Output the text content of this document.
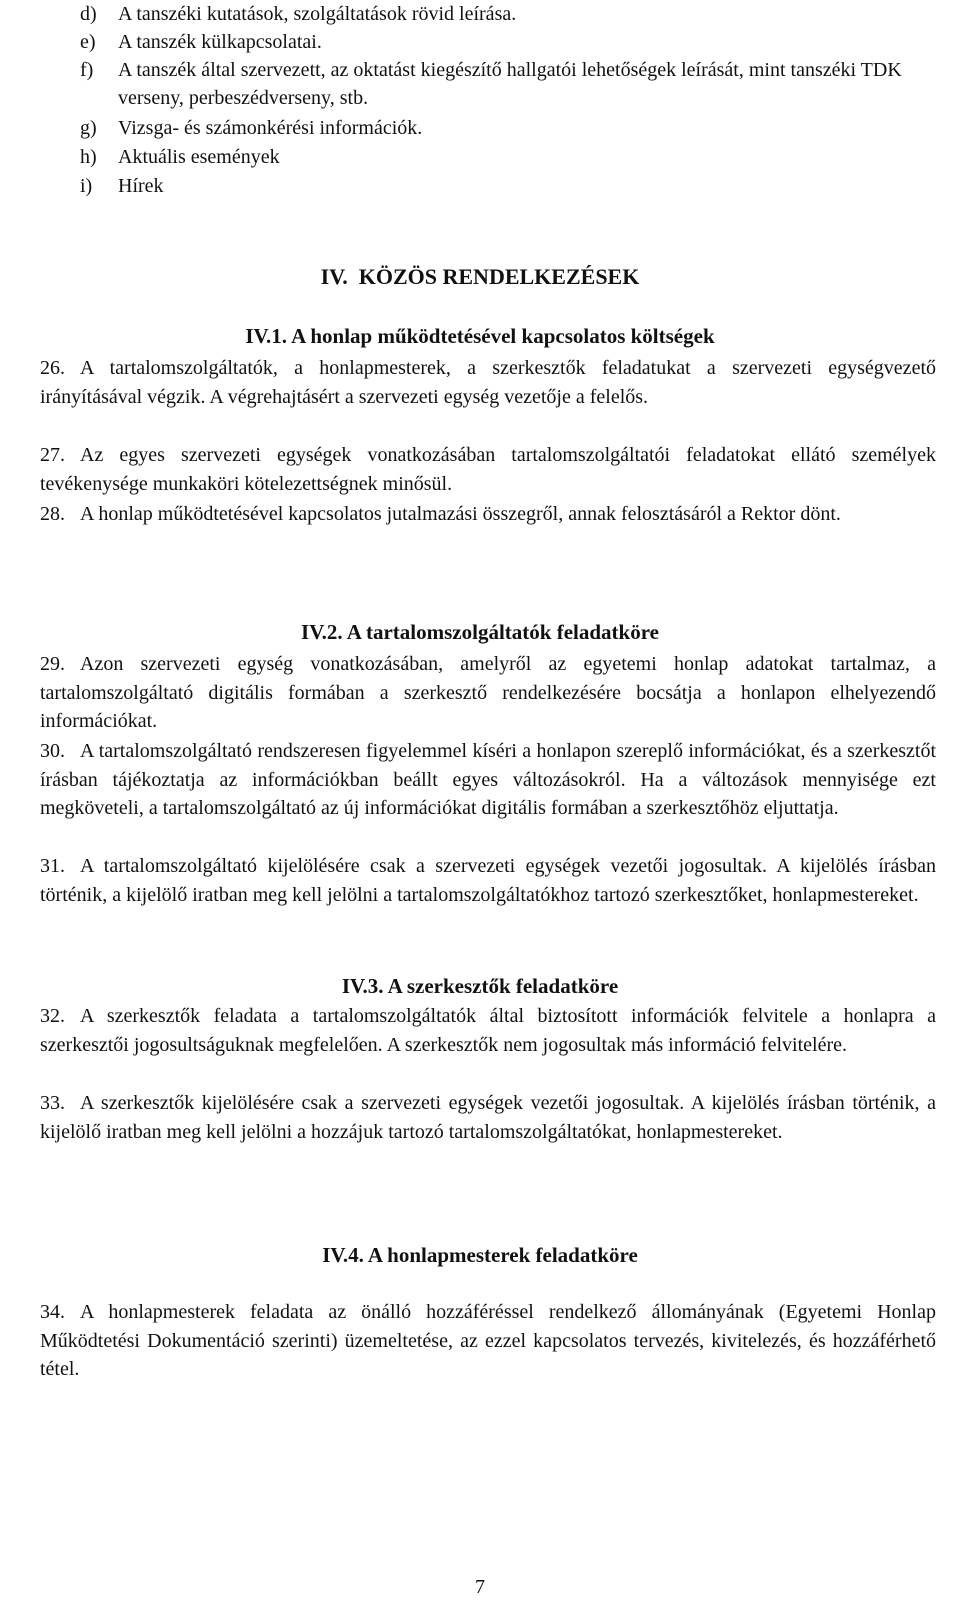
d)	A tanszéki kutatások, szolgáltatások rövid leírása.
e)	A tanszék külkapcsolatai.
f)	A tanszék által szervezett, az oktatást kiegészítő hallgatói lehetőségek leírását, mint tanszéki TDK verseny, perbeszédverseny, stb.
g)	Vizsga- és számonkérési információk.
h)	Aktuális események
i)	Hírek
IV.  KÖZÖS RENDELKEZÉSEK
IV.1. A honlap működtetésével kapcsolatos költségek
26. A tartalomszolgáltatók, a honlapmesterek, a szerkesztők feladatukat a szervezeti egységvezető irányításával végzik. A végrehajtásért a szervezeti egység vezetője a felelős.
27. Az egyes szervezeti egységek vonatkozásában tartalomszolgáltatói feladatokat ellátó személyek tevékenysége munkaköri kötelezettségnek minősül.
28. A honlap működtetésével kapcsolatos jutalmazási összegről, annak felosztásáról a Rektor dönt.
IV.2. A tartalomszolgáltatók feladatköre
29. Azon szervezeti egység vonatkozásában, amelyről az egyetemi honlap adatokat tartalmaz, a tartalomszolgáltató digitális formában a szerkesztő rendelkezésére bocsátja a honlapon elhelyezendő információkat.
30. A tartalomszolgáltató rendszeresen figyelemmel kíséri a honlapon szereplő információkat, és a szerkesztőt írásban tájékoztatja az információkban beállt egyes változásokról. Ha a változások mennyisége ezt megköveteli, a tartalomszolgáltató az új információkat digitális formában a szerkesztőhöz eljuttatja.
31. A tartalomszolgáltató kijelölésére csak a szervezeti egységek vezetői jogosultak. A kijelölés írásban történik, a kijelölő iratban meg kell jelölni a tartalomszolgáltatókhoz tartozó szerkesztőket, honlapmestereket.
IV.3. A szerkesztők feladatköre
32. A szerkesztők feladata a tartalomszolgáltatók által biztosított információk felvitele a honlapra a szerkesztői jogosultságuknak megfelelően. A szerkesztők nem jogosultak más információ felvitelére.
33. A szerkesztők kijelölésére csak a szervezeti egységek vezetői jogosultak. A kijelölés írásban történik, a kijelölő iratban meg kell jelölni a hozzájuk tartozó tartalomszolgáltatókat, honlapmestereket.
IV.4. A honlapmesterek feladatköre
34. A honlapmesterek feladata az önálló hozzáféréssel rendelkező állományának (Egyetemi Honlap Működtetési Dokumentáció szerinti) üzemeltetése, az ezzel kapcsolatos tervezés, kivitelezés, és hozzáférhető tétel.
7
